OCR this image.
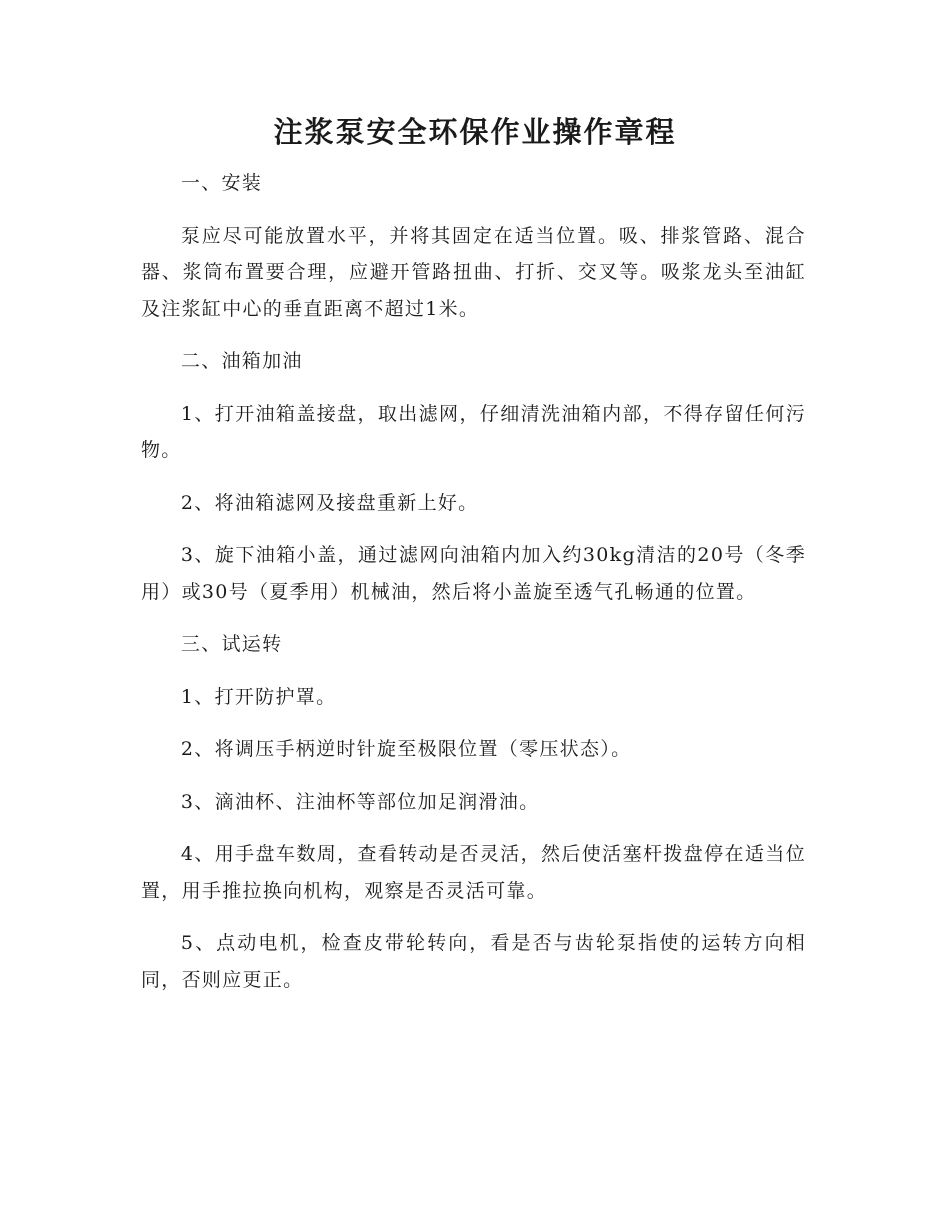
注浆泵安全环保作业操作章程

一、安装

泵应尽可能放置水平，并将其固定在适当位置。吸、排浆管路、混合器、浆筒布置要合理，应避开管路扭曲、打折、交叉等。吸浆龙头至油缸及注浆缸中心的垂直距离不超过1米。

二、油箱加油

1、打开油箱盖接盘，取出滤网，仔细清洗油箱内部，不得存留任何污物。

2、将油箱滤网及接盘重新上好。

3、旋下油箱小盖，通过滤网向油箱内加入约30kg清洁的20号（冬季用）或30号（夏季用）机械油，然后将小盖旋至透气孔畅通的位置。

三、试运转

1、打开防护罩。

2、将调压手柄逆时针旋至极限位置（零压状态）。

3、滴油杯、注油杯等部位加足润滑油。

4、用手盘车数周，查看转动是否灵活，然后使活塞杆拨盘停在适当位置，用手推拉换向机构，观察是否灵活可靠。

5、点动电机，检查皮带轮转向，看是否与齿轮泵指使的运转方向相同，否则应更正。
